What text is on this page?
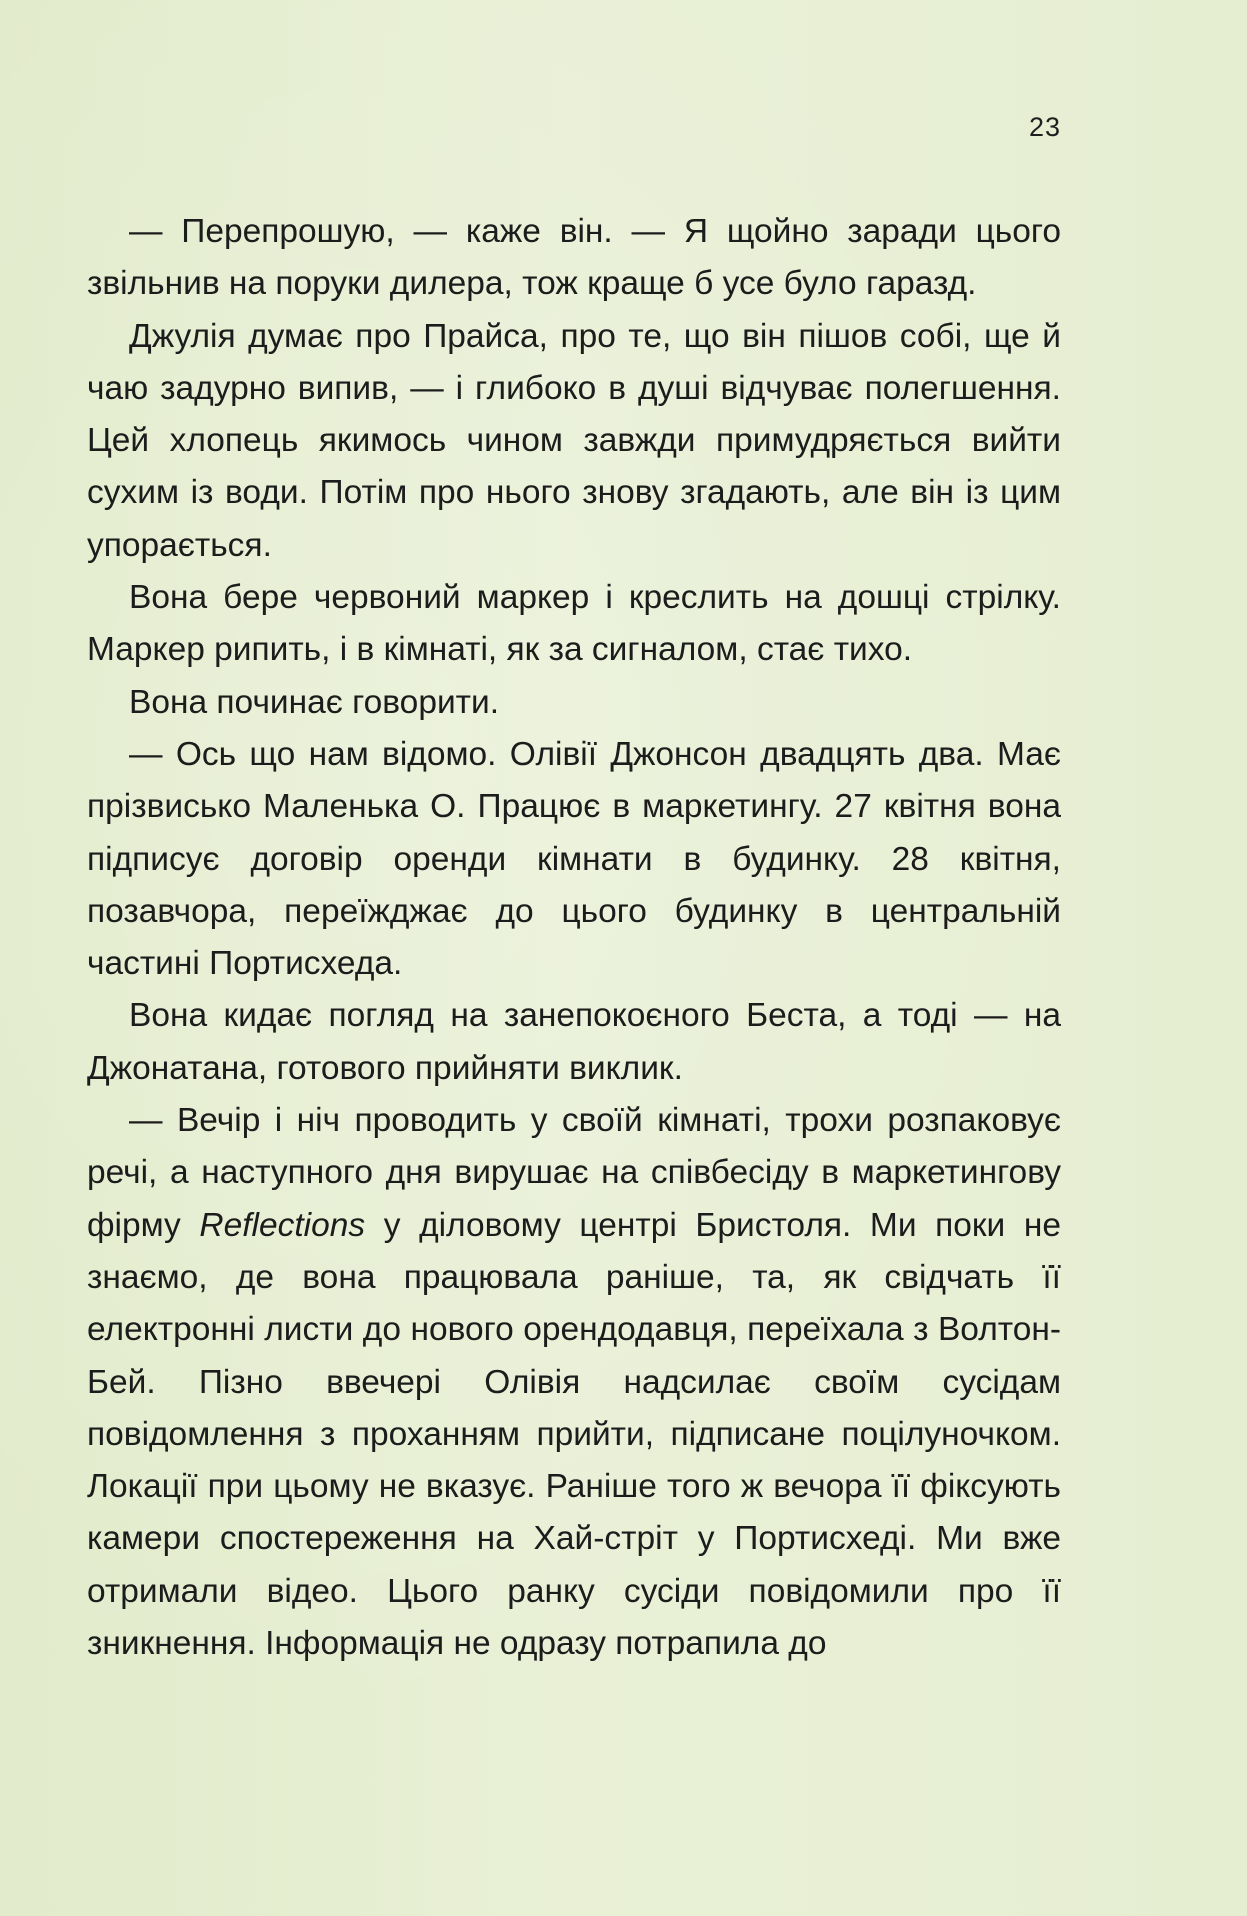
23

— Перепрошую, — каже він. — Я щойно заради цього звільнив на поруки дилера, тож краще б усе було гаразд.

Джулія думає про Прайса, про те, що він пішов собі, ще й чаю задурно випив, — і глибоко в душі відчуває полегшення. Цей хлопець якимось чином завжди примудряється вийти сухим із води. Потім про нього знову згадають, але він із цим упорається.

Вона бере червоний маркер і креслить на дошці стрілку. Маркер рипить, і в кімнаті, як за сигналом, стає тихо.

Вона починає говорити.

— Ось що нам відомо. Олівії Джонсон двадцять два. Має прізвисько Маленька О. Працює в маркетингу. 27 квітня вона підписує договір оренди кімнати в будинку. 28 квітня, позавчора, переїжджає до цього будинку в центральній частині Портисхеда.

Вона кидає погляд на занепокоєного Беста, а тоді — на Джонатана, готового прийняти виклик.

— Вечір і ніч проводить у своїй кімнаті, трохи розпаковує речі, а наступного дня вирушає на співбесіду в маркетингову фірму Reflections у діловому центрі Бристоля. Ми поки не знаємо, де вона працювала раніше, та, як свідчать її електронні листи до нового орендодавця, переїхала з Волтон-Бей. Пізно ввечері Олівія надсилає своїм сусідам повідомлення з проханням прийти, підписане поцілуночком. Локації при цьому не вказує. Раніше того ж вечора її фіксують камери спостереження на Хай-стріт у Портисхеді. Ми вже отримали відео. Цього ранку сусіди повідомили про її зникнення. Інформація не одразу потрапила до
